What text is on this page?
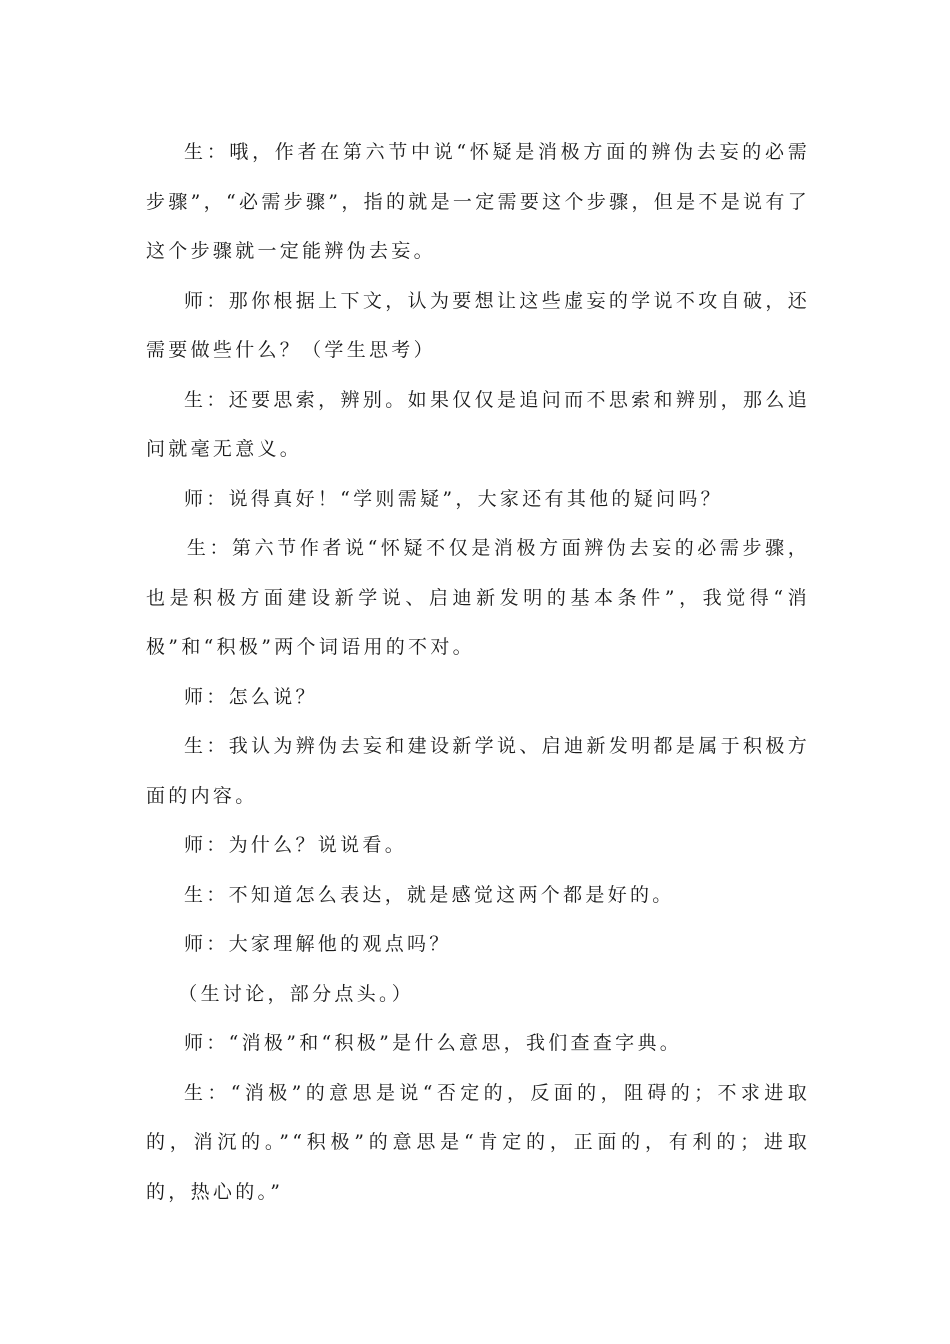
生：哦，作者在第六节中说“怀疑是消极方面的辨伪去妄的必需步骤”，“必需步骤”，指的就是一定需要这个步骤，但是不是说有了这个步骤就一定能辨伪去妄。

师：那你根据上下文，认为要想让这些虚妄的学说不攻自破，还需要做些什么？（学生思考）

生：还要思索，辨别。如果仅仅是追问而不思索和辨别，那么追问就毫无意义。

师：说得真好！“学则需疑”，大家还有其他的疑问吗？

生：第六节作者说“怀疑不仅是消极方面辨伪去妄的必需步骤，也是积极方面建设新学说、启迪新发明的基本条件”，我觉得“消极”和“积极”两个词语用的不对。

师：怎么说？

生：我认为辨伪去妄和建设新学说、启迪新发明都是属于积极方面的内容。

师：为什么？说说看。

生：不知道怎么表达，就是感觉这两个都是好的。

师：大家理解他的观点吗？

（生讨论，部分点头。）

师：“消极”和“积极”是什么意思，我们查查字典。

生：“消极”的意思是说“否定的，反面的，阻碍的；不求进取的，消沉的。”“积极”的意思是“肯定的，正面的，有利的；进取的，热心的。”
